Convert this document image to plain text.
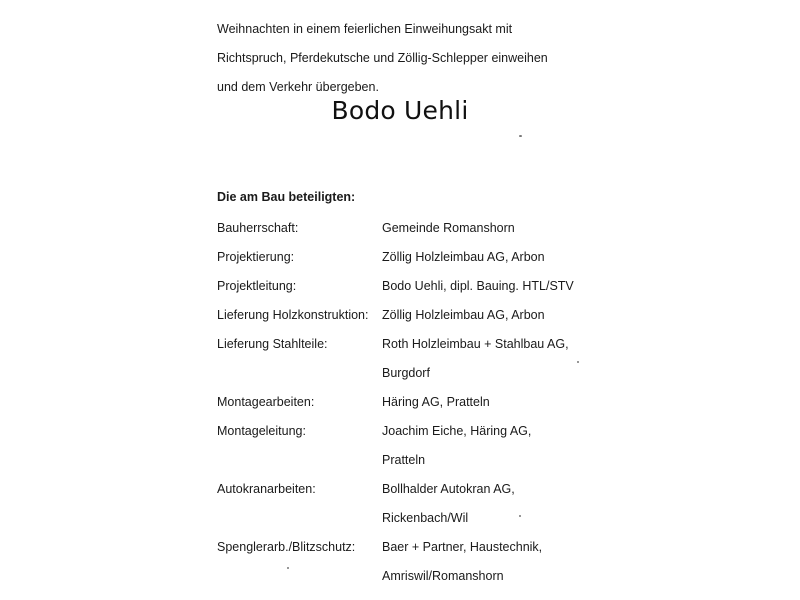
Weihnachten in einem feierlichen Einweihungsakt mit
Richtspruch, Pferdekutsche und Zöllig-Schlepper einweihen
und dem Verkehr übergeben.
Bodo Uehli
Die am Bau beteiligten:
Bauherrschaft:	Gemeinde Romanshorn
Projektierung:	Zöllig Holzleimbau AG, Arbon
Projektleitung:	Bodo Uehli, dipl. Bauing. HTL/STV
Lieferung Holzkonstruktion: Zöllig Holzleimbau AG, Arbon
Lieferung Stahlteile:	Roth Holzleimbau + Stahlbau AG,
Burgdorf
Montagearbeiten:	Häring AG, Pratteln
Montageleitung:	Joachim Eiche, Häring AG,
Pratteln
Autokranarbeiten:	Bollhalder Autokran AG,
Rickenbach/Wil
Spenglerarb./Blitzschutz: Baer + Partner, Haustechnik,
Amriswil/Romanshorn
